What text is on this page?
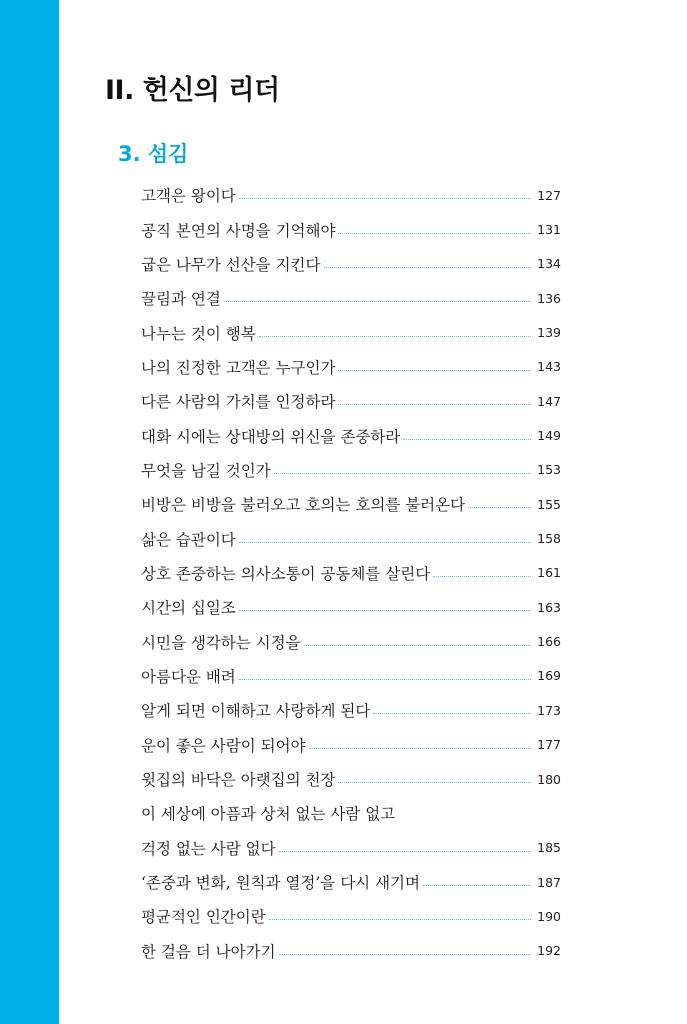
II. 헌신의 리더
3. 섬김
고객은 왕이다	127
공직 본연의 사명을 기억해야	131
굽은 나무가 선산을 지킨다	134
끌림과 연결	136
나누는 것이 행복	139
나의 진정한 고객은 누구인가	143
다른 사람의 가치를 인정하라	147
대화 시에는 상대방의 위신을 존중하라	149
무엇을 남길 것인가	153
비방은 비방을 불러오고 호의는 호의를 불러온다	155
삶은 습관이다	158
상호 존중하는 의사소통이 공동체를 살린다	161
시간의 십일조	163
시민을 생각하는 시정을	166
아름다운 배려	169
알게 되면 이해하고 사랑하게 된다	173
운이 좋은 사람이 되어야	177
윗집의 바닥은 아랫집의 천장	180
이 세상에 아픔과 상처 없는 사람 없고
걱정 없는 사람 없다	185
‘존중과 변화, 원칙과 열정’을 다시 새기며	187
평균적인 인간이란	190
한 걸음 더 나아가기	192
